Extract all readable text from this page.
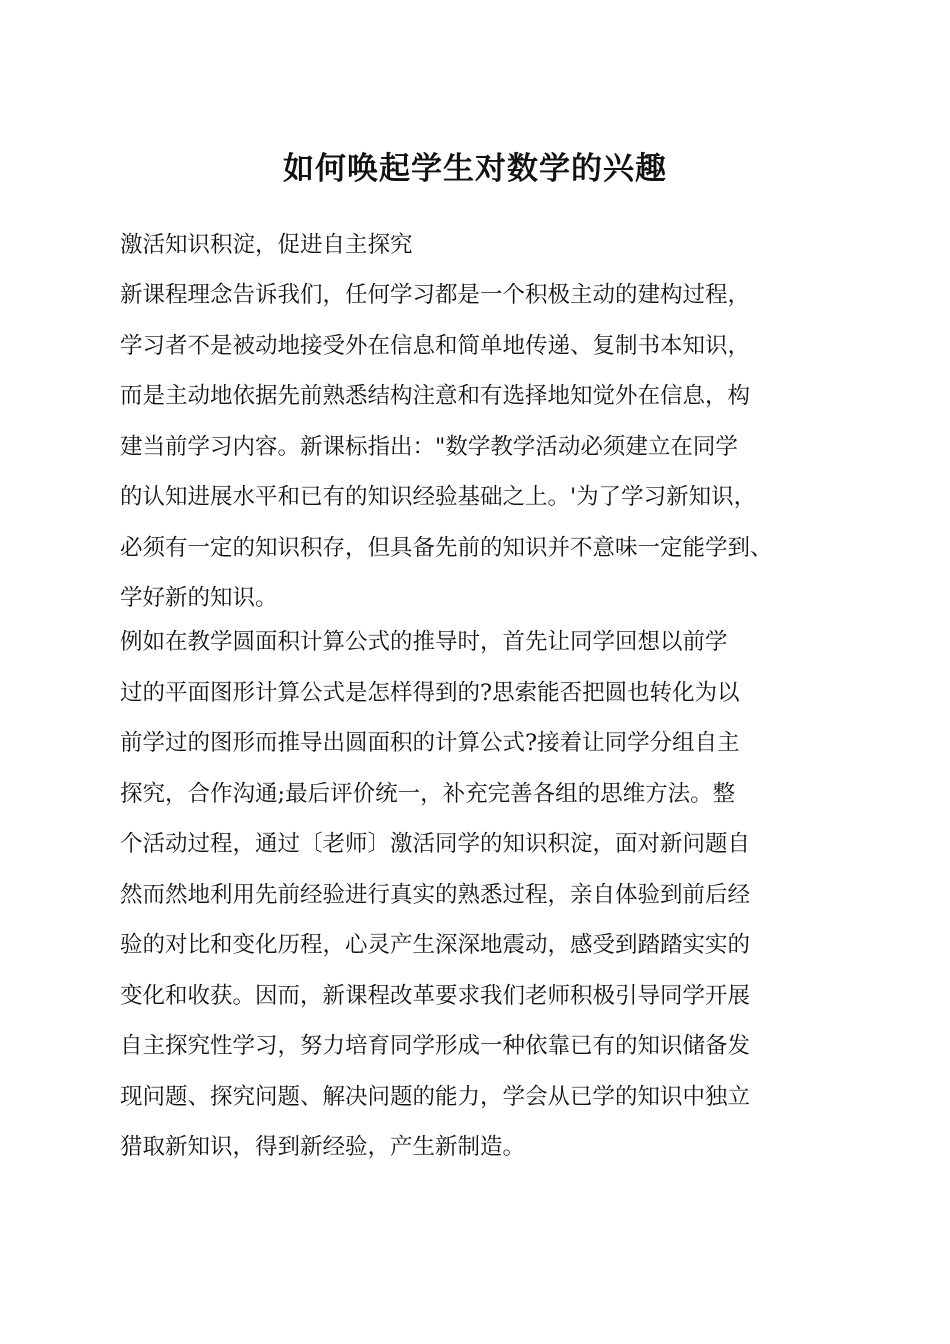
如何唤起学生对数学的兴趣

激活知识积淀，促进自主探究

新课程理念告诉我们，任何学习都是一个积极主动的建构过程，
学习者不是被动地接受外在信息和简单地传递、复制书本知识，
而是主动地依据先前熟悉结构注意和有选择地知觉外在信息，构
建当前学习内容。新课标指出："数学教学活动必须建立在同学
的认知进展水平和已有的知识经验基础之上。'为了学习新知识，
必须有一定的知识积存，但具备先前的知识并不意味一定能学到、
学好新的知识。
例如在教学圆面积计算公式的推导时，首先让同学回想以前学
过的平面图形计算公式是怎样得到的?思索能否把圆也转化为以
前学过的图形而推导出圆面积的计算公式?接着让同学分组自主
探究，合作沟通;最后评价统一，补充完善各组的思维方法。整
个活动过程，通过〔老师〕激活同学的知识积淀，面对新问题自
然而然地利用先前经验进行真实的熟悉过程，亲自体验到前后经
验的对比和变化历程，心灵产生深深地震动，感受到踏踏实实的
变化和收获。因而，新课程改革要求我们老师积极引导同学开展
自主探究性学习，努力培育同学形成一种依靠已有的知识储备发
现问题、探究问题、解决问题的能力，学会从已学的知识中独立
猎取新知识，得到新经验，产生新制造。
